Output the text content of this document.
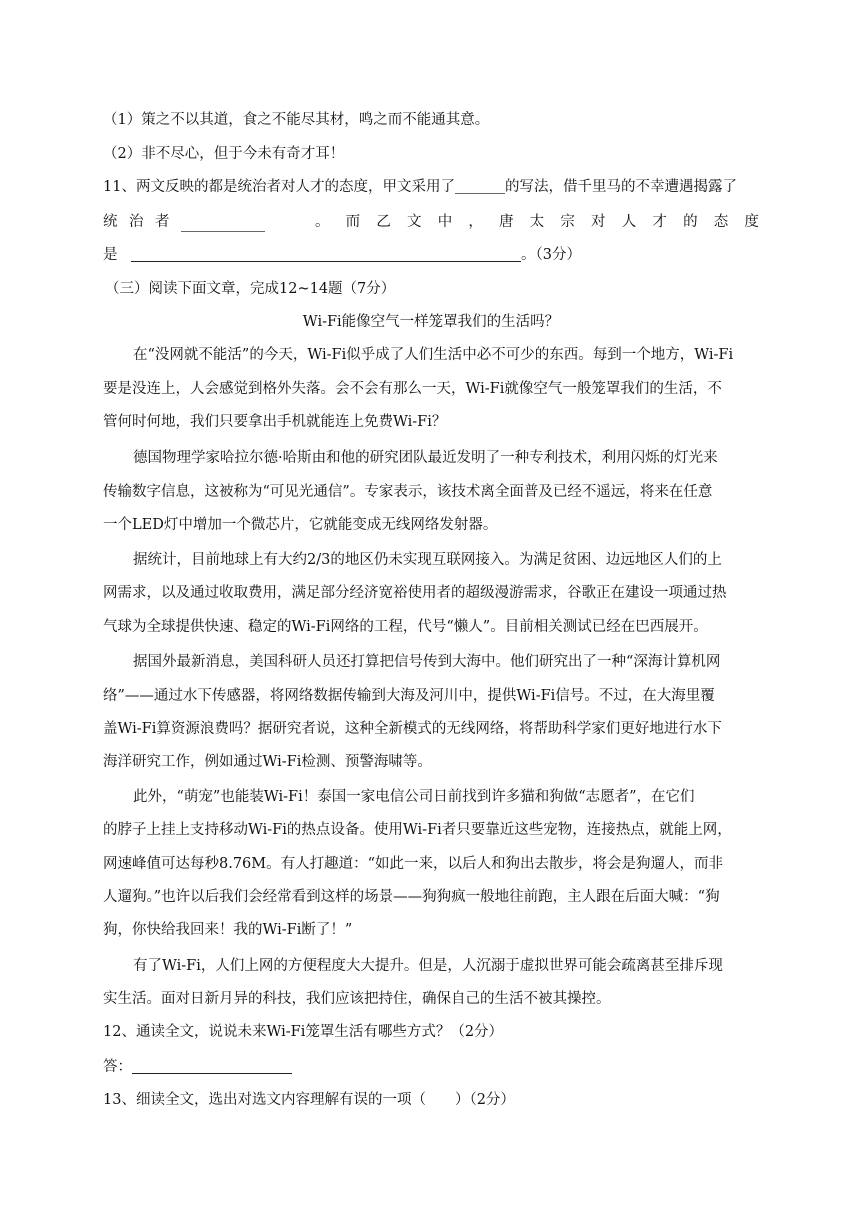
（1）策之不以其道，食之不能尽其材，鸣之而不能通其意。
（2）非不尽心，但于今未有奇才耳！
11、两文反映的都是统治者对人才的态度，甲文采用了	的写法，借千里马的不幸遭遇揭露了
统 治 者	。 而 乙 文 中 ， 唐 太 宗 对 人 才 的 态 度
是	。（3分）
（三）阅读下面文章，完成12~14题（7分）
Wi-Fi能像空气一样笼罩我们的生活吗？
在“没网就不能活”的今天，Wi-Fi似乎成了人们生活中必不可少的东西。每到一个地方，Wi-Fi
要是没连上，人会感觉到格外失落。会不会有那么一天，Wi-Fi就像空气一般笼罩我们的生活，不
管何时何地，我们只要拿出手机就能连上免费Wi-Fi？
德国物理学家哈拉尔德·哈斯由和他的研究团队最近发明了一种专利技术，利用闪烁的灯光来
传输数字信息，这被称为“可见光通信”。专家表示，该技术离全面普及已经不遥远，将来在任意
一个LED灯中增加一个微芯片，它就能变成无线网络发射器。
据统计，目前地球上有大约2/3的地区仍未实现互联网接入。为满足贫困、边远地区人们的上
网需求，以及通过收取费用，满足部分经济宽裕使用者的超级漫游需求，谷歌正在建设一项通过热
气球为全球提供快速、稳定的Wi-Fi网络的工程，代号“懒人”。目前相关测试已经在巴西展开。
据国外最新消息，美国科研人员还打算把信号传到大海中。他们研究出了一种“深海计算机网
络”——通过水下传感器，将网络数据传输到大海及河川中，提供Wi-Fi信号。不过，在大海里覆
盖Wi-Fi算资源浪费吗？据研究者说，这种全新模式的无线网络，将帮助科学家们更好地进行水下
海洋研究工作，例如通过Wi-Fi检测、预警海啸等。
此外，“萌宠”也能装Wi-Fi！泰国一家电信公司日前找到许多猫和狗做“志愿者”，在它们
的脖子上挂上支持移动Wi-Fi的热点设备。使用Wi-Fi者只要靠近这些宠物，连接热点，就能上网，
网速峰值可达每秒8.76M。有人打趣道：“如此一来，以后人和狗出去散步，将会是狗遛人，而非
人遛狗。”也许以后我们会经常看到这样的场景——狗狗疯一般地往前跑，主人跟在后面大喊：“狗
狗，你快给我回来！我的Wi-Fi断了！”
有了Wi-Fi，人们上网的方便程度大大提升。但是，人沉溺于虚拟世界可能会疏离甚至排斥现
实生活。面对日新月异的科技，我们应该把持住，确保自己的生活不被其操控。
12、通读全文，说说未来Wi-Fi笼罩生活有哪些方式？（2分）
答：
13、细读全文，选出对选文内容理解有误的一项（　　）（2分）
